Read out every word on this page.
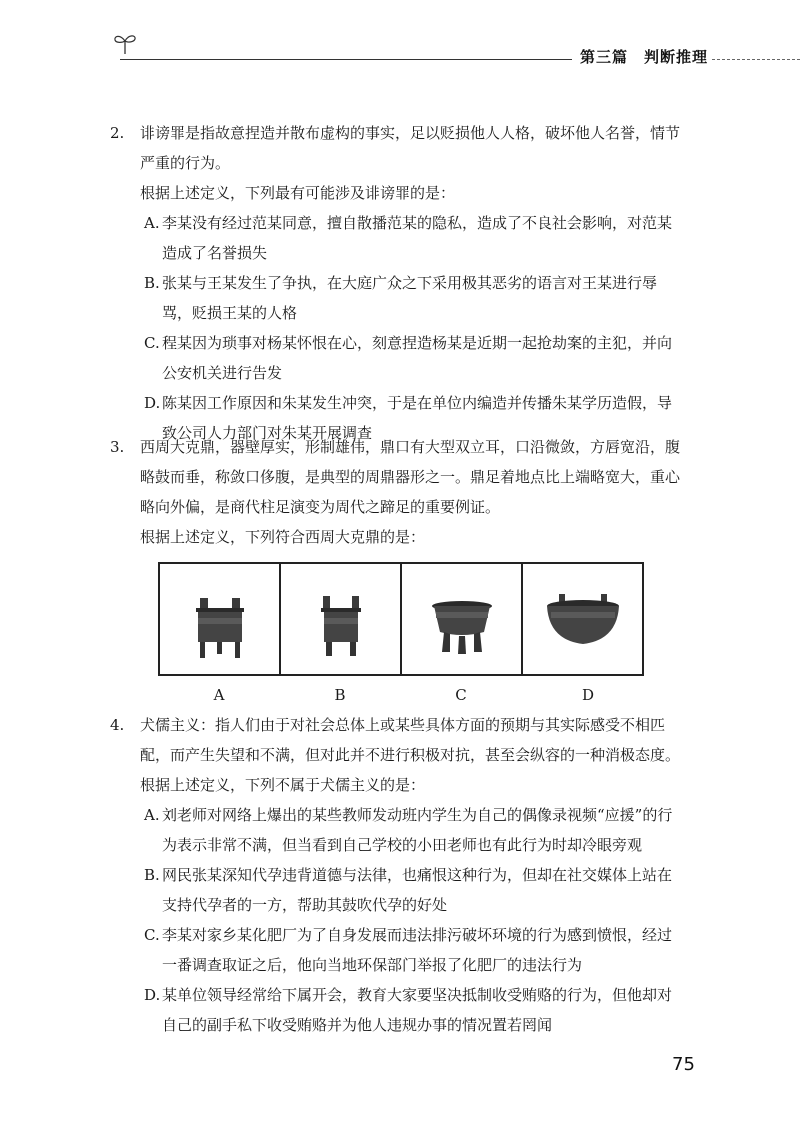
第三篇　判断推理
2. 诽谤罪是指故意捏造并散布虚构的事实，足以贬损他人人格，破坏他人名誉，情节严重的行为。

根据上述定义，下列最有可能涉及诽谤罪的是：

A. 李某没有经过范某同意，擅自散播范某的隐私，造成了不良社会影响，对范某造成了名誉损失

B. 张某与王某发生了争执，在大庭广众之下采用极其恶劣的语言对王某进行辱骂，贬损王某的人格

C. 程某因为琐事对杨某怀恨在心，刻意捏造杨某是近期一起抢劫案的主犯，并向公安机关进行告发

D. 陈某因工作原因和朱某发生冲突，于是在单位内编造并传播朱某学历造假，导致公司人力部门对朱某开展调查

3. 西周大克鼎，器壁厚实，形制雄伟，鼎口有大型双立耳，口沿微敛，方唇宽沿，腹略鼓而垂，称敛口侈腹，是典型的周鼎器形之一。鼎足着地点比上端略宽大，重心略向外偏，是商代柱足演变为周代之蹄足的重要例证。

根据上述定义，下列符合西周大克鼎的是：

A	B	C	D
4. 犬儒主义：指人们由于对社会总体上或某些具体方面的预期与其实际感受不相匹配，而产生失望和不满，但对此并不进行积极对抗，甚至会纵容的一种消极态度。

根据上述定义，下列不属于犬儒主义的是：

A. 刘老师对网络上爆出的某些教师发动班内学生为自己的偶像录视频“应援”的行为表示非常不满，但当看到自己学校的小田老师也有此行为时却冷眼旁观

B. 网民张某深知代孕违背道德与法律，也痛恨这种行为，但却在社交媒体上站在支持代孕者的一方，帮助其鼓吹代孕的好处

C. 李某对家乡某化肥厂为了自身发展而违法排污破坏环境的行为感到愤恨，经过一番调查取证之后，他向当地环保部门举报了化肥厂的违法行为

D. 某单位领导经常给下属开会，教育大家要坚决抵制收受贿赂的行为，但他却对自己的副手私下收受贿赂并为他人违规办事的情况置若罔闻

75
